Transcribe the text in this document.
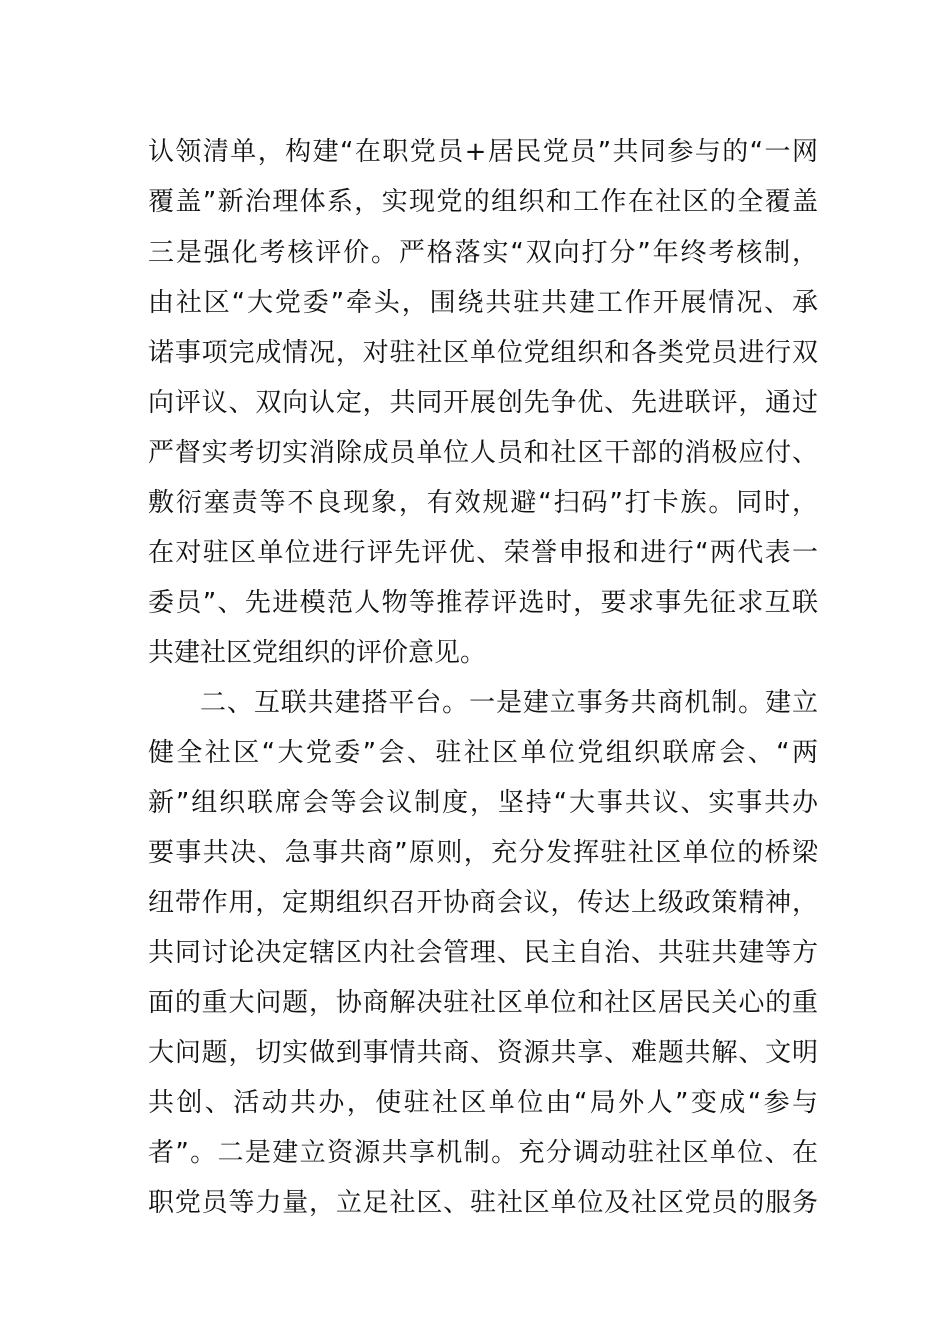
认领清单，构建“在职党员+居民党员”共同参与的“一网
覆盖”新治理体系，实现党的组织和工作在社区的全覆盖
三是强化考核评价。严格落实“双向打分”年终考核制，
由社区“大党委”牵头，围绕共驻共建工作开展情况、承
诺事项完成情况，对驻社区单位党组织和各类党员进行双
向评议、双向认定，共同开展创先争优、先进联评，通过
严督实考切实消除成员单位人员和社区干部的消极应付、
敷衍塞责等不良现象，有效规避“扫码”打卡族。同时，
在对驻区单位进行评先评优、荣誉申报和进行“两代表一
委员”、先进模范人物等推荐评选时，要求事先征求互联
共建社区党组织的评价意见。
二、互联共建搭平台。一是建立事务共商机制。建立
健全社区“大党委”会、驻社区单位党组织联席会、“两
新”组织联席会等会议制度，坚持“大事共议、实事共办
要事共决、急事共商”原则，充分发挥驻社区单位的桥梁
纽带作用，定期组织召开协商会议，传达上级政策精神，
共同讨论决定辖区内社会管理、民主自治、共驻共建等方
面的重大问题，协商解决驻社区单位和社区居民关心的重
大问题，切实做到事情共商、资源共享、难题共解、文明
共创、活动共办，使驻社区单位由“局外人”变成“参与
者”。二是建立资源共享机制。充分调动驻社区单位、在
职党员等力量，立足社区、驻社区单位及社区党员的服务
